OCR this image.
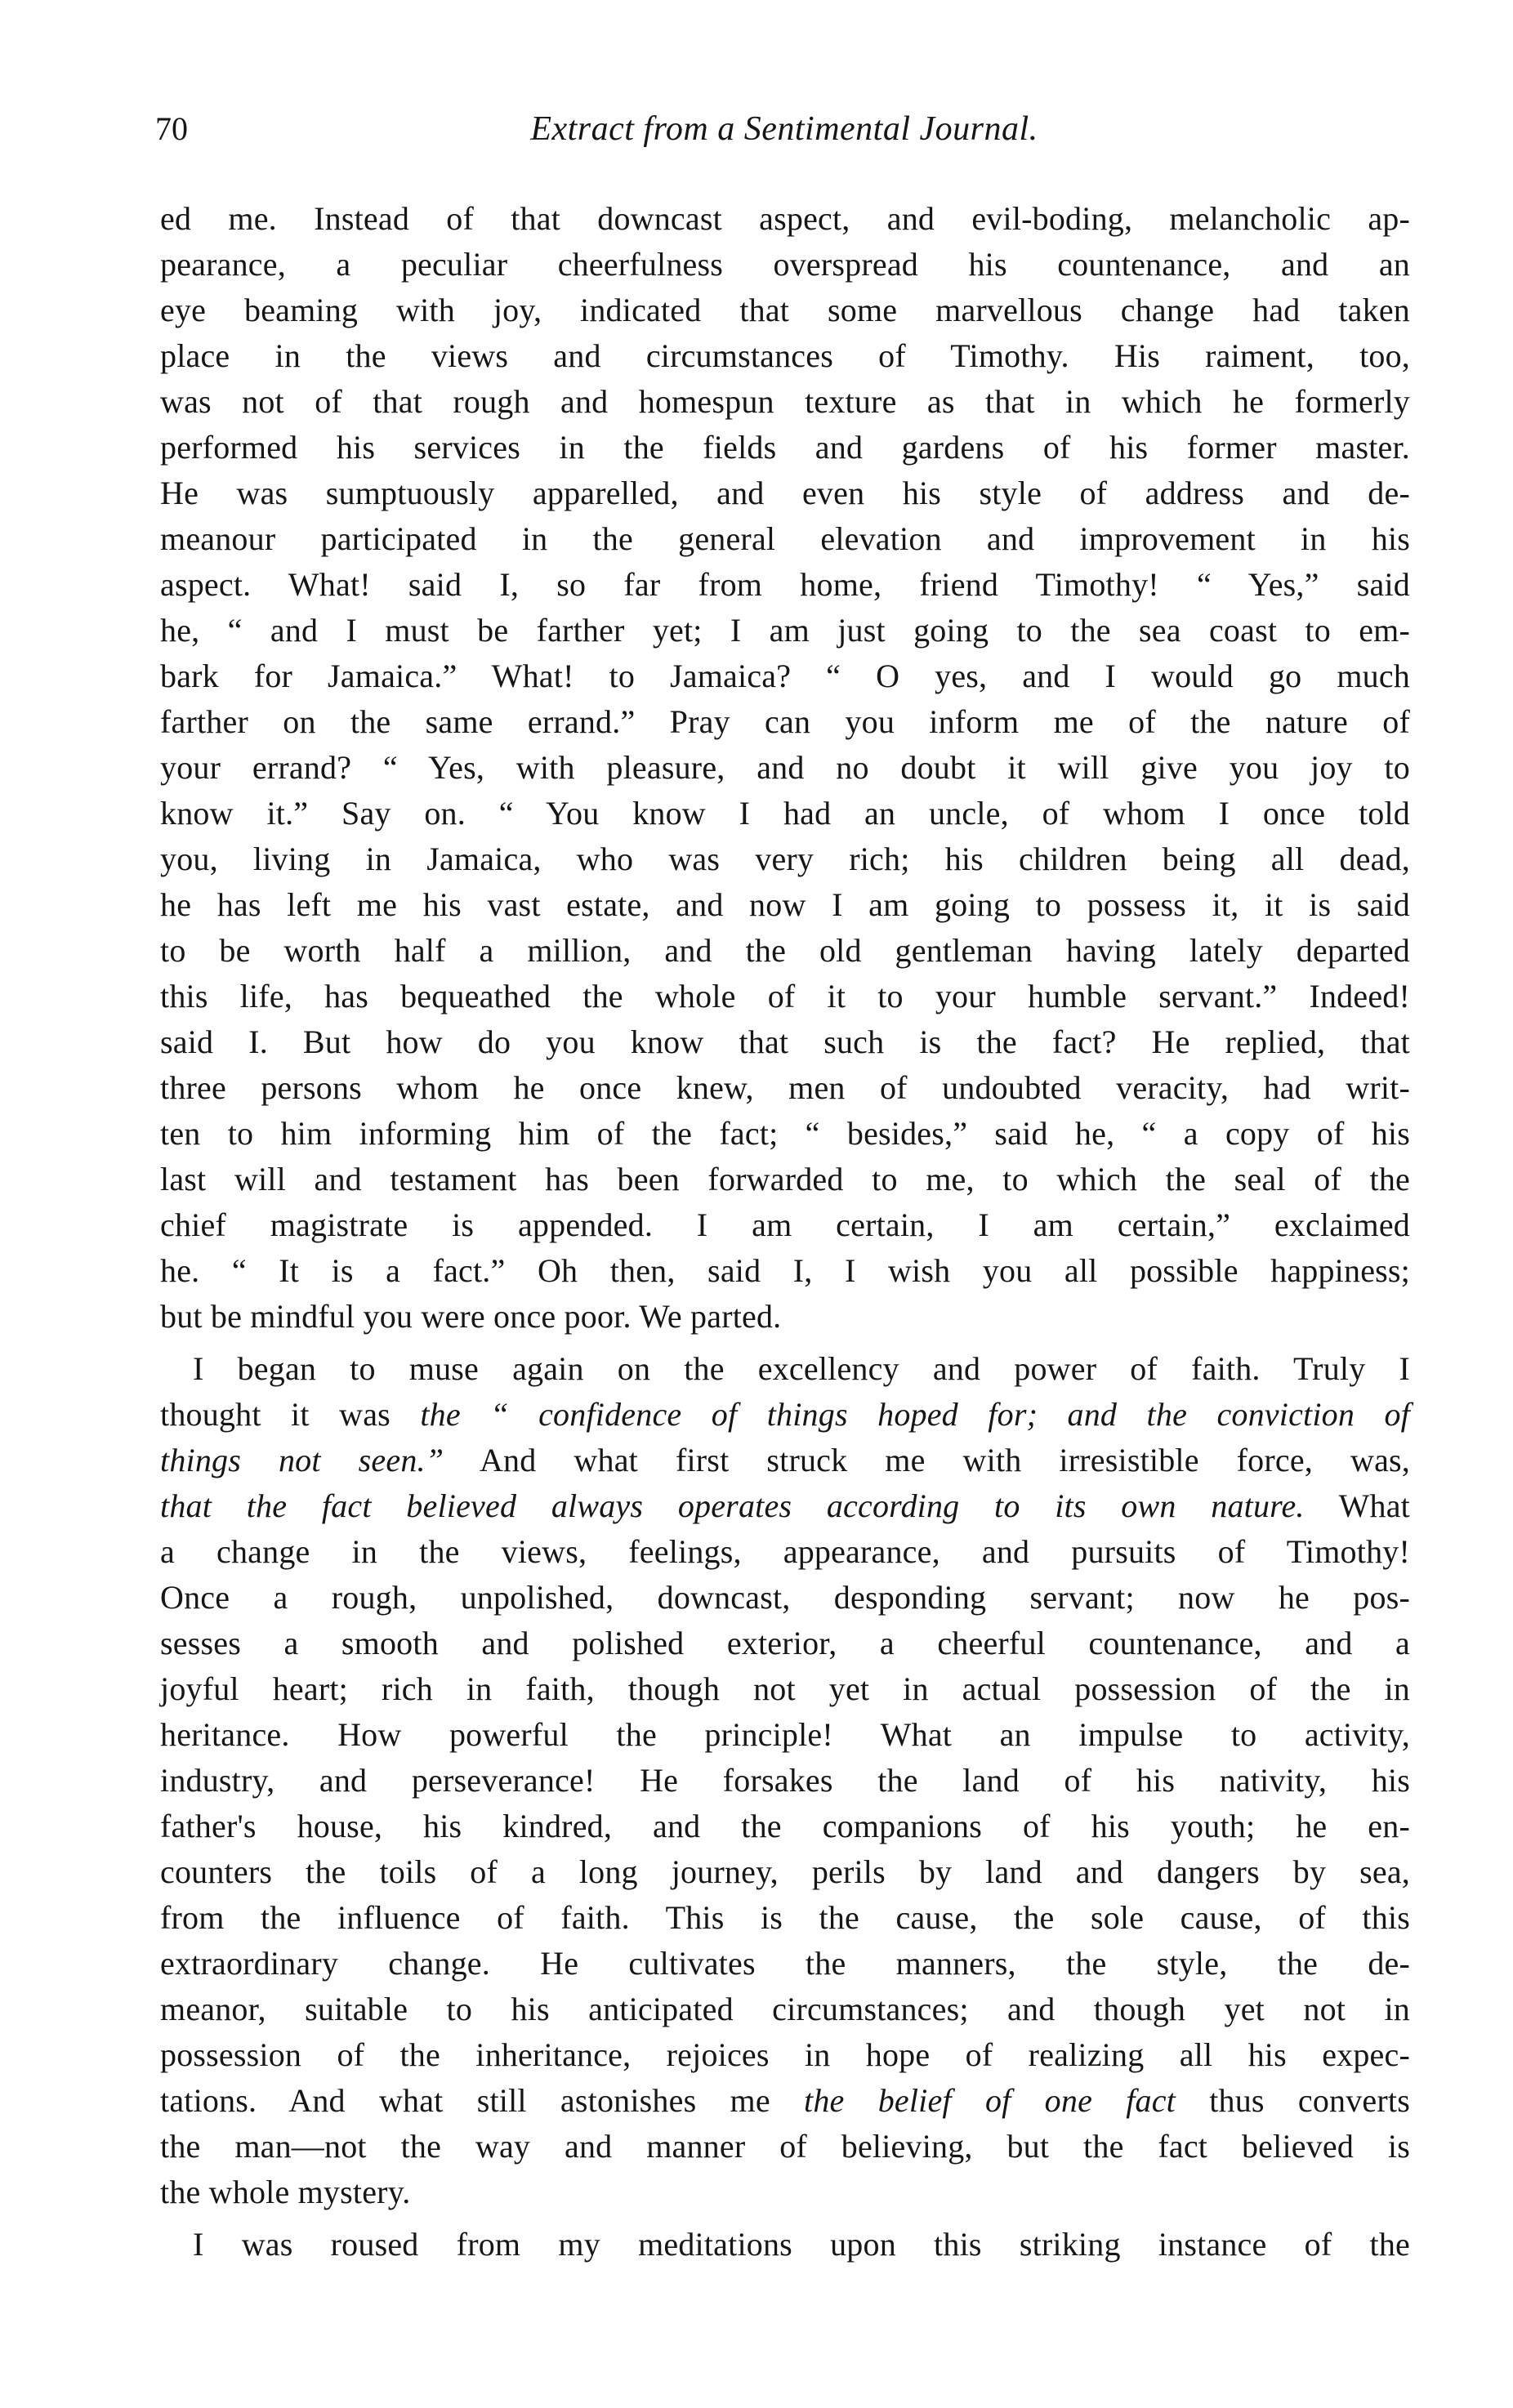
70	Extract from a Sentimental Journal.
ed me. Instead of that downcast aspect, and evil-boding, melancholic ap-
pearance, a peculiar cheerfulness overspread his countenance, and an
eye beaming with joy, indicated that some marvellous change had taken
place in the views and circumstances of Timothy. His raiment, too,
was not of that rough and homespun texture as that in which he formerly
performed his services in the fields and gardens of his former master.
He was sumptuously apparelled, and even his style of address and de-
meanour participated in the general elevation and improvement in his
aspect. What! said I, so far from home, friend Timothy! “ Yes,” said
he, “ and I must be farther yet; I am just going to the sea coast to em-
bark for Jamaica.” What! to Jamaica? “ O yes, and I would go much
farther on the same errand.” Pray can you inform me of the nature of
your errand? “ Yes, with pleasure, and no doubt it will give you joy to
know it.” Say on. “ You know I had an uncle, of whom I once told
you, living in Jamaica, who was very rich; his children being all dead,
he has left me his vast estate, and now I am going to possess it, it is said
to be worth half a million, and the old gentleman having lately departed
this life, has bequeathed the whole of it to your humble servant.” Indeed!
said I. But how do you know that such is the fact? He replied, that
three persons whom he once knew, men of undoubted veracity, had writ-
ten to him informing him of the fact; “ besides,” said he, “ a copy of his
last will and testament has been forwarded to me, to which the seal of the
chief magistrate is appended. I am certain, I am certain,” exclaimed
he. “ It is a fact.” Oh then, said I, I wish you all possible happiness;
but be mindful you were once poor. We parted.
I began to muse again on the excellency and power of faith. Truly I
thought it was the “ confidence of things hoped for; and the conviction of
things not seen.” And what first struck me with irresistible force, was,
that the fact believed always operates according to its own nature. What
a change in the views, feelings, appearance, and pursuits of Timothy!
Once a rough, unpolished, downcast, desponding servant; now he pos-
sesses a smooth and polished exterior, a cheerful countenance, and a
joyful heart; rich in faith, though not yet in actual possession of the in
heritance. How powerful the principle! What an impulse to activity,
industry, and perseverance! He forsakes the land of his nativity, his
father's house, his kindred, and the companions of his youth; he en-
counters the toils of a long journey, perils by land and dangers by sea,
from the influence of faith. This is the cause, the sole cause, of this
extraordinary change. He cultivates the manners, the style, the de-
meanor, suitable to his anticipated circumstances; and though yet not in
possession of the inheritance, rejoices in hope of realizing all his expec-
tations. And what still astonishes me the belief of one fact thus converts
the man—not the way and manner of believing, but the fact believed is
the whole mystery.
I was roused from my meditations upon this striking instance of the
